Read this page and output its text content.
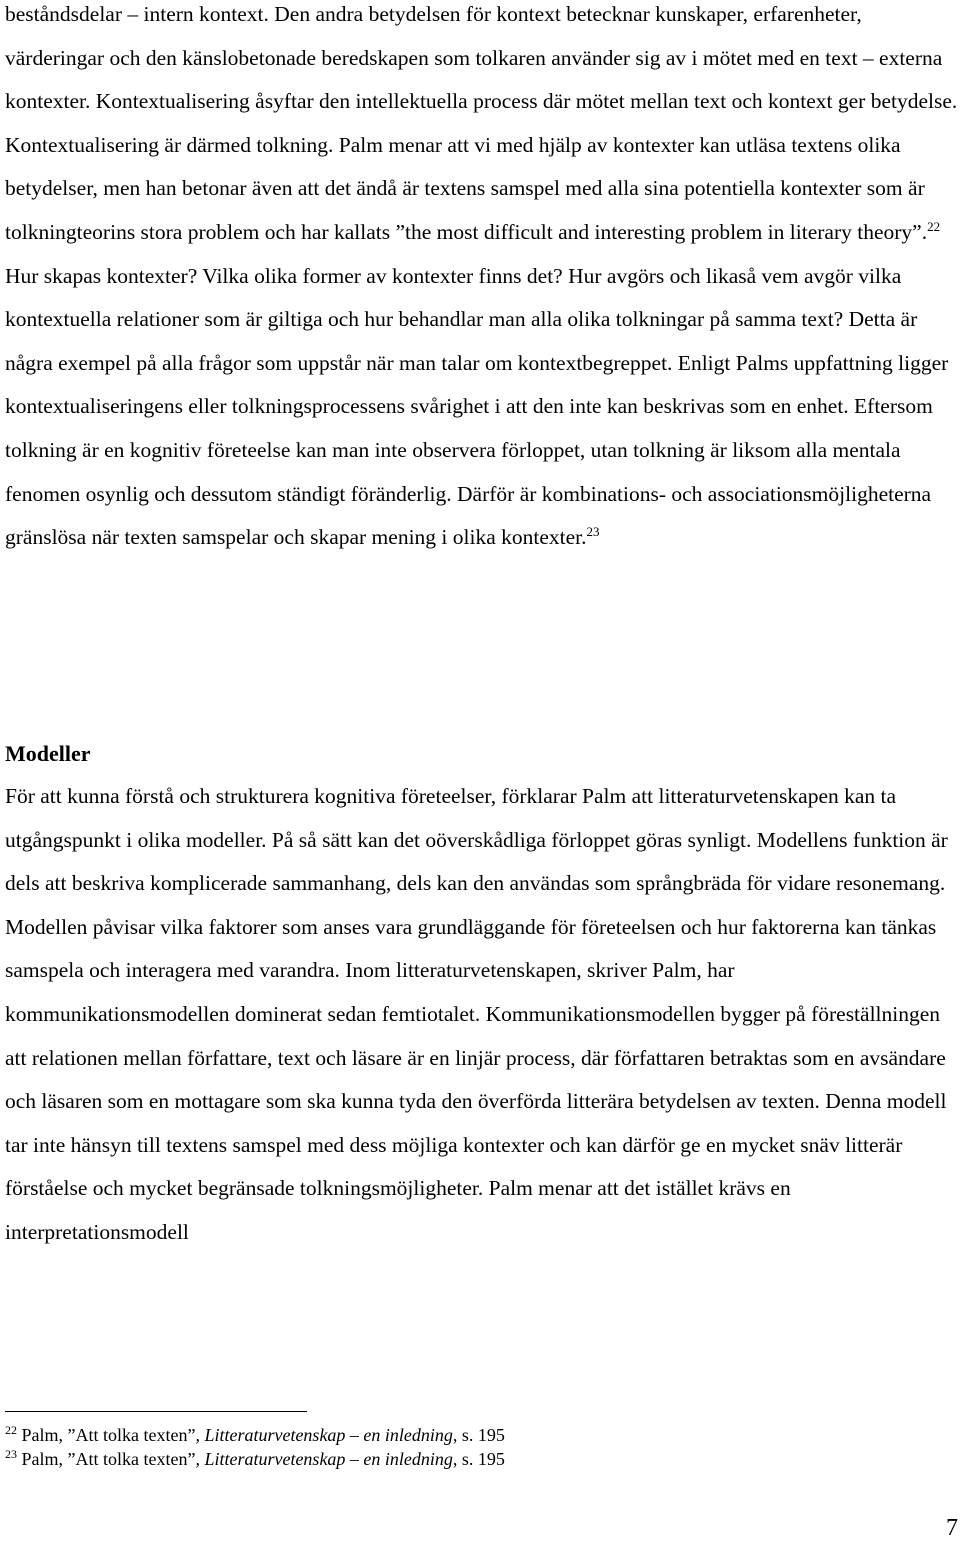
beståndsdelar – intern kontext. Den andra betydelsen för kontext betecknar kunskaper, erfarenheter, värderingar och den känslobetonade beredskapen som tolkaren använder sig av i mötet med en text – externa kontexter. Kontextualisering åsyftar den intellektuella process där mötet mellan text och kontext ger betydelse. Kontextualisering är därmed tolkning. Palm menar att vi med hjälp av kontexter kan utläsa textens olika betydelser, men han betonar även att det ändå är textens samspel med alla sina potentiella kontexter som är tolkningteorins stora problem och har kallats ”the most difficult and interesting problem in literary theory”.$^{22}$ Hur skapas kontexter? Vilka olika former av kontexter finns det? Hur avgörs och likaså vem avgör vilka kontextuella relationer som är giltiga och hur behandlar man alla olika tolkningar på samma text? Detta är några exempel på alla frågor som uppstår när man talar om kontextbegreppet. Enligt Palms uppfattning ligger kontextualiseringens eller tolkningsprocessens svårighet i att den inte kan beskrivas som en enhet. Eftersom tolkning är en kognitiv företeelse kan man inte observera förloppet, utan tolkning är liksom alla mentala fenomen osynlig och dessutom ständigt föränderlig. Därför är kombinations- och associationsmöjligheterna gränslösa när texten samspelar och skapar mening i olika kontexter.$^{23}$

Modeller

För att kunna förstå och strukturera kognitiva företeelser, förklarar Palm att litteraturvetenskapen kan ta utgångspunkt i olika modeller. På så sätt kan det oöverskådliga förloppet göras synligt. Modellens funktion är dels att beskriva komplicerade sammanhang, dels kan den användas som språngbräda för vidare resonemang. Modellen påvisar vilka faktorer som anses vara grundläggande för företeelsen och hur faktorerna kan tänkas samspela och interagera med varandra. Inom litteraturvetenskapen, skriver Palm, har kommunikationsmodellen dominerat sedan femtiotalet. Kommunikationsmodellen bygger på föreställningen att relationen mellan författare, text och läsare är en linjär process, där författaren betraktas som en avsändare och läsaren som en mottagare som ska kunna tyda den överförda litterära betydelsen av texten. Denna modell tar inte hänsyn till textens samspel med dess möjliga kontexter och kan därför ge en mycket snäv litterär förståelse och mycket begränsade tolkningsmöjligheter. Palm menar att det istället krävs en interpretationsmodell

$^{22}$ Palm, ”Att tolka texten”, Litteraturvetenskap – en inledning, s. 195

$^{23}$ Palm, ”Att tolka texten”, Litteraturvetenskap – en inledning, s. 195

7
